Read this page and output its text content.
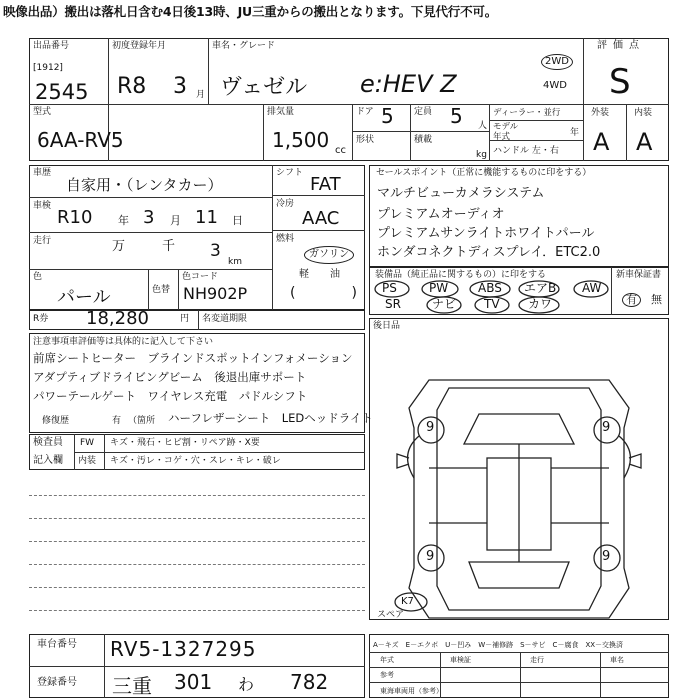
映像出品）搬出は落札日含む4日後13時、JU三重からの搬出となります。下見代行不可。
出品番号
[1912]
2545
初度登録年月
R8 3 月
車名・グレード
ヴェゼル e:HEV Z
2WD
4WD
評価点
S
型式
6AA-RV5
排気量
1,500 cc
ドア 5 定員 5 人
形状	積載
kg
ディーラー・並行
モデル
年式	年
ハンドル 左・右
外装	内装
A A
車歴
自家用・（レンタカー）
車検
R10 年 3 月 11 日
走行	万	千 3
km
色
パール	色替
色コード
NH902P
シフト
FAT
冷房
AAC
燃料
ガソリン
軽 油
(　　　　)
R券 18,280	円 名変道期限
セールスポイント（正常に機能するものに印をする）
マルチビューカメラシステム
プレミアムオーディオ
プレミアムサンライトホワイトパール
ホンダコネクトディスプレイ．ETC2.0
装備品（純正品に関するもの）に印をする	新車保証書
PS	PW ABS エアB AW
SR	ナビ TV カワ	有	無
注意事項車評価等は具体的に記入して下さい
前席シートヒーター　ブラインドスポットインフォメーション
アダプティブドライビングビーム　後退出庫サポート
パワーテールゲート　ワイヤレス充電　パドルシフト
修復歴	有 （箇所 ハーフレザーシート　LEDヘッドライト
検査員
記入欄
FW キズ・飛石・ヒビ割・リペア跡・X要
内装 キズ・汚レ・コゲ・穴・スレ・キレ・破レ
後日品
9	9
9	9
K7
スペア
車台番号 RV5-1327295
登録番号 三重 301 わ 782
A－キズ　E－エクボ　U－凹み　W－補修跡　S－サビ　C－腐食　XX－交換済
年式	車検証	走行	車名
参考
東海車両用（参考）
